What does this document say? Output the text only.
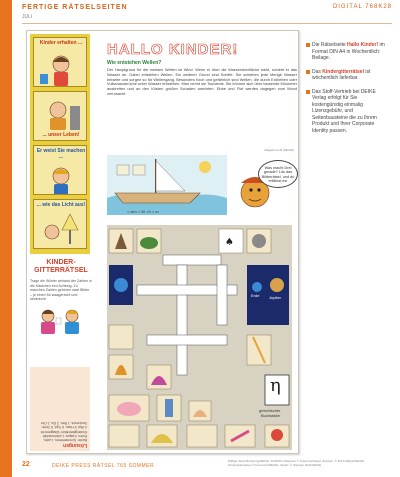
FERTIGE RÄTSELSEITEN
JULI
DIGITAL 768K28
Kinder erhalten ...
... unser Leben!
Er weist Sie machen ...
... wie das Licht aus!
KINDER-
GITTERRÄTSEL
Trage die Wörter anhand der Zahlen in die Kästchen ein! Achtung: Zu manchen Zahlen gehören zwei Bilder – je einen für waagerecht und senkrecht.
Lösungen
Bunte: Sommerferien, Luchs,
Eulen, Kasper; Lockenwickler
Kindergitterrätsel: Waagerecht:
4 Wal, 5 Hase, 6 Topf, 8 Zehe;
Senkrecht: 1 Reh, 2 Eis, 3 Ohr
HALLO KINDER!
Wie entstehen Wellen?
Der Hauptgrund für die meisten Wellen ist Wind. Wenn er über die Wasseroberfläche weht, schiebt er das Wasser an. Dabei entstehen Wellen. Ein weiterer Grund sind Schiffe. Sie schieben jede Menge Wasser beiseite und sorgen so für Wellengang. Besonders hoch und gefährlich sind Wellen, die durch Erdbeben oder Vulkanausbrüche unter Wasser entstehen. Man nennt sie Tsunamis. Sie können sich über tausende Kilometer ausbreiten und an den Küsten großen Schaden anrichten. Ebbe und Flut werden dagegen vom Mond verursacht.
Magazin kohl (DEIKE)
Was macht Drei gerade? Lös das Bilderrätsel, und du erfährst es!
= wm = W =h = m
♠
Erde Jupiter
η
griechischer
Buchstabe
Die Rätselseite Hallo Kinder! im Format DIN A4 in Wochentlich: Beilage.
Das Kindergitterrätsel ist wöchentlich lieferbar.
Das Stoff-Vertrieb bei DEIKE Verlag erfolgt für Sie kostengünstig einmalig Lizenzgebühr, und Seitenbausteine die zu Ihrem Produkt und Ihrer Corporate Identity passen.
22	DEIKE PRESS RÄTSEL 765 SOMMER
Pfiffige rätsel-Befreiung/DEIKE, SUDOKU-Marssen © Kreuzworträtsel, Zeichen: © Buch-Rätsel/DEIKE,
Kindergitterrätsel © Kreuzwort/DEIKE, Clipart: © Stephan Rath/DEIKE
